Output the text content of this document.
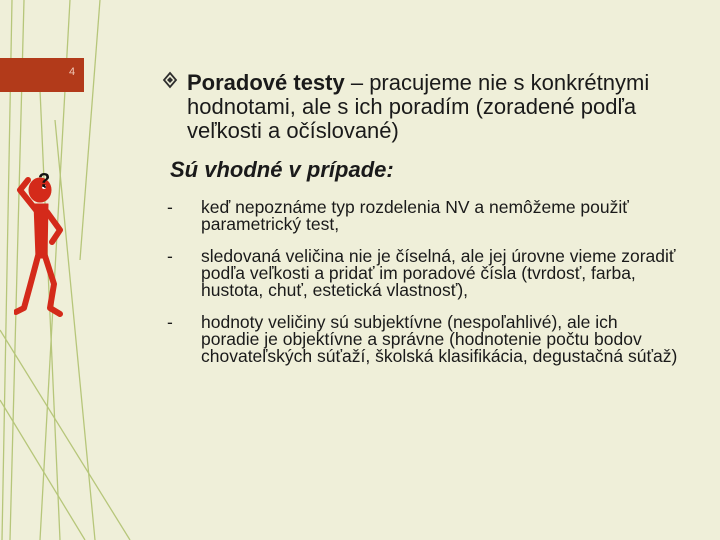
4
?
Poradové testy – pracujeme nie s konkrétnymi hodnotami, ale s ich poradím (zoradené podľa veľkosti a očíslované)
Sú vhodné v prípade:
- keď nepoznáme typ rozdelenia NV a nemôžeme použiť parametrický test,
- sledovaná veličina nie je číselná, ale jej úrovne vieme zoradiť podľa veľkosti a pridať im poradové čísla (tvrdosť, farba, hustota, chuť, estetická vlastnosť),
- hodnoty veličiny sú subjektívne (nespoľahlivé), ale ich poradie je objektívne a správne (hodnotenie počtu bodov chovateľských súťaží, školská klasifikácia, degustačná súťaž)
